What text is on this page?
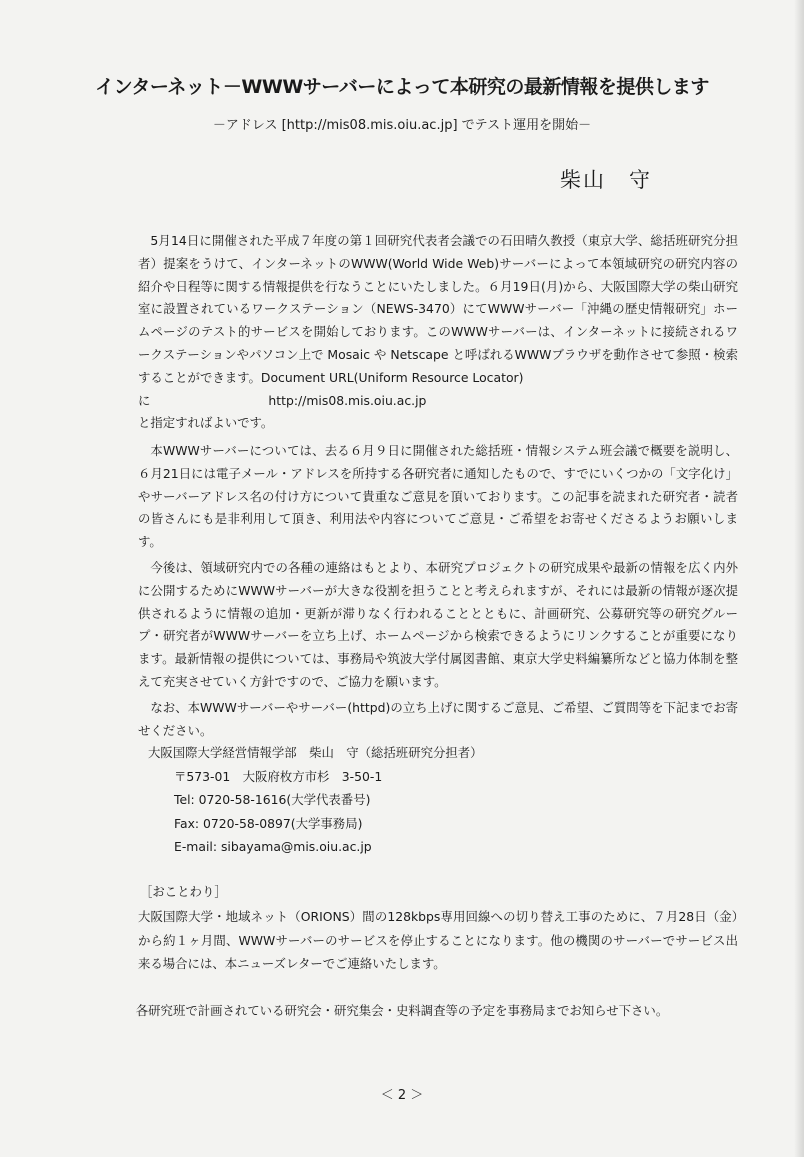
インターネット－WWWサーバーによって本研究の最新情報を提供します
－アドレス [http://mis08.mis.oiu.ac.jp] でテスト運用を開始－
柴山　守
5月14日に開催された平成７年度の第１回研究代表者会議での石田晴久教授（東京大学、総括班研究分担者）提案をうけて、インターネットのWWW(World Wide Web)サーバーによって本領域研究の研究内容の紹介や日程等に関する情報提供を行なうことにいたしました。６月19日(月)から、大阪国際大学の柴山研究室に設置されているワークステーション（NEWS-3470）にてWWWサーバー「沖縄の歴史情報研究」ホームページのテスト的サービスを開始しております。このWWWサーバーは、インターネットに接続されるワークステーションやパソコン上で Mosaic や Netscape と呼ばれるWWWブラウザを動作させて参照・検索することができます。Document URL(Uniform Resource Locator)
に	http://mis08.mis.oiu.ac.jp
と指定すればよいです。
本WWWサーバーについては、去る６月９日に開催された総括班・情報システム班会議で概要を説明し、６月21日には電子メール・アドレスを所持する各研究者に通知したもので、すでにいくつかの「文字化け」やサーバーアドレス名の付け方について貴重なご意見を頂いております。この記事を読まれた研究者・読者の皆さんにも是非利用して頂き、利用法や内容についてご意見・ご希望をお寄せくださるようお願いします。
今後は、領域研究内での各種の連絡はもとより、本研究プロジェクトの研究成果や最新の情報を広く内外に公開するためにWWWサーバーが大きな役割を担うことと考えられますが、それには最新の情報が逐次提供されるように情報の追加・更新が滞りなく行われることとともに、計画研究、公募研究等の研究グループ・研究者がWWWサーバーを立ち上げ、ホームページから検索できるようにリンクすることが重要になります。最新情報の提供については、事務局や筑波大学付属図書館、東京大学史料編纂所などと協力体制を整えて充実させていく方針ですので、ご協力を願います。
なお、本WWWサーバーやサーバー(httpd)の立ち上げに関するご意見、ご希望、ご質問等を下記までお寄せください。
大阪国際大学経営情報学部　柴山　守（総括班研究分担者）
〒573-01　大阪府枚方市杉　3-50-1
Tel: 0720-58-1616(大学代表番号)
Fax: 0720-58-0897(大学事務局)
E-mail: sibayama@mis.oiu.ac.jp
［おことわり］
大阪国際大学・地域ネット（ORIONS）間の128kbps専用回線への切り替え工事のために、７月28日（金）から約１ヶ月間、WWWサーバーのサービスを停止することになります。他の機関のサーバーでサービス出来る場合には、本ニューズレターでご連絡いたします。
各研究班で計画されている研究会・研究集会・史料調査等の予定を事務局までお知らせ下さい。
＜ 2 ＞
